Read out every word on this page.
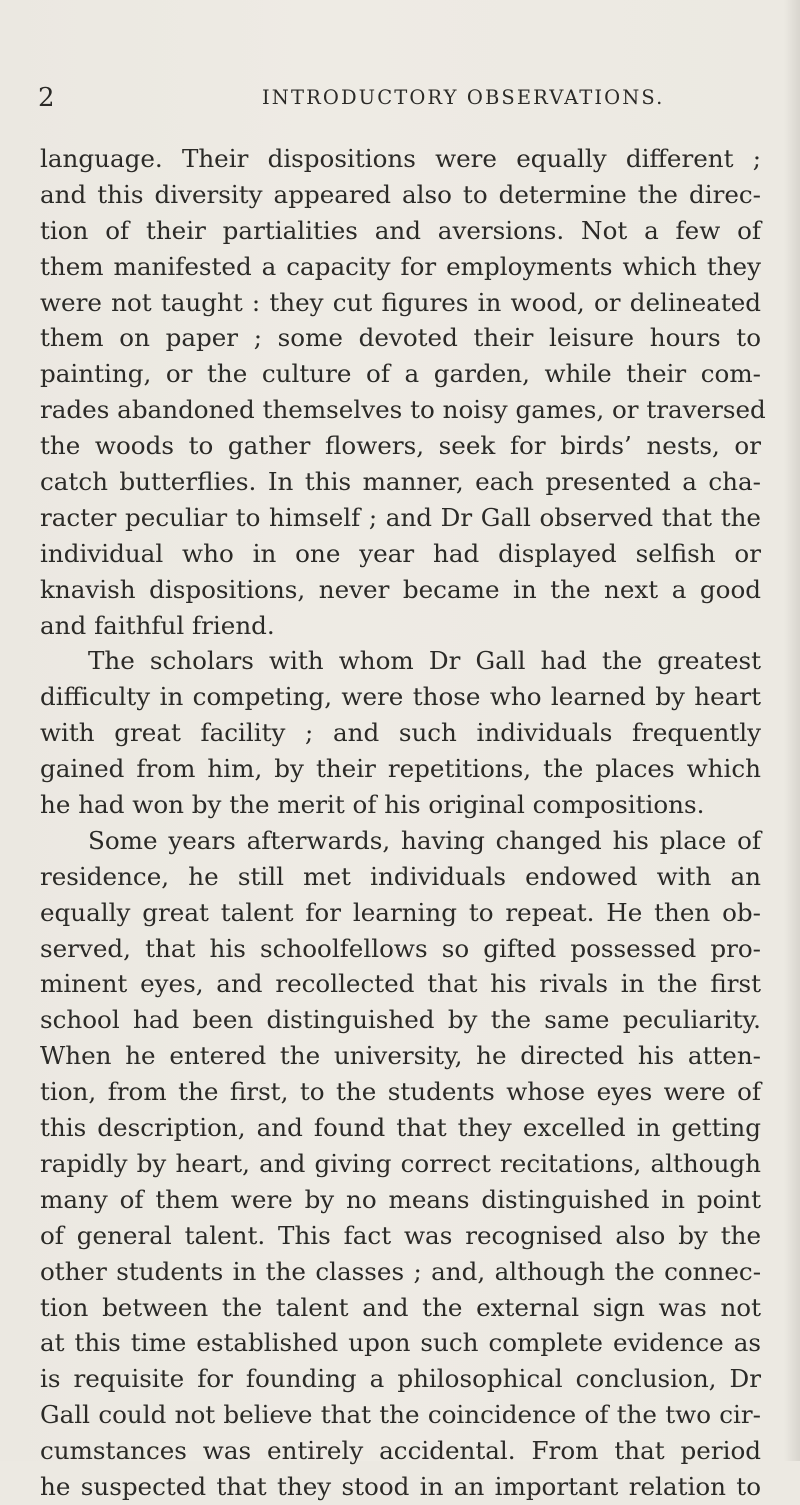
2	INTRODUCTORY OBSERVATIONS.
language. Their dispositions were equally different ;
and this diversity appeared also to determine the direc-
tion of their partialities and aversions. Not a few of
them manifested a capacity for employments which they
were not taught : they cut figures in wood, or delineated
them on paper ; some devoted their leisure hours to
painting, or the culture of a garden, while their com-
rades abandoned themselves to noisy games, or traversed
the woods to gather flowers, seek for birds’ nests, or
catch butterflies. In this manner, each presented a cha-
racter peculiar to himself ; and Dr Gall observed that the
individual who in one year had displayed selfish or
knavish dispositions, never became in the next a good
and faithful friend.
The scholars with whom Dr Gall had the greatest
difficulty in competing, were those who learned by heart
with great facility ; and such individuals frequently
gained from him, by their repetitions, the places which
he had won by the merit of his original compositions.
Some years afterwards, having changed his place of
residence, he still met individuals endowed with an
equally great talent for learning to repeat. He then ob-
served, that his schoolfellows so gifted possessed pro-
minent eyes, and recollected that his rivals in the first
school had been distinguished by the same peculiarity.
When he entered the university, he directed his atten-
tion, from the first, to the students whose eyes were of
this description, and found that they excelled in getting
rapidly by heart, and giving correct recitations, although
many of them were by no means distinguished in point
of general talent. This fact was recognised also by the
other students in the classes ; and, although the connec-
tion between the talent and the external sign was not
at this time established upon such complete evidence as
is requisite for founding a philosophical conclusion, Dr
Gall could not believe that the coincidence of the two cir-
cumstances was entirely accidental. From that period
he suspected that they stood in an important relation to
